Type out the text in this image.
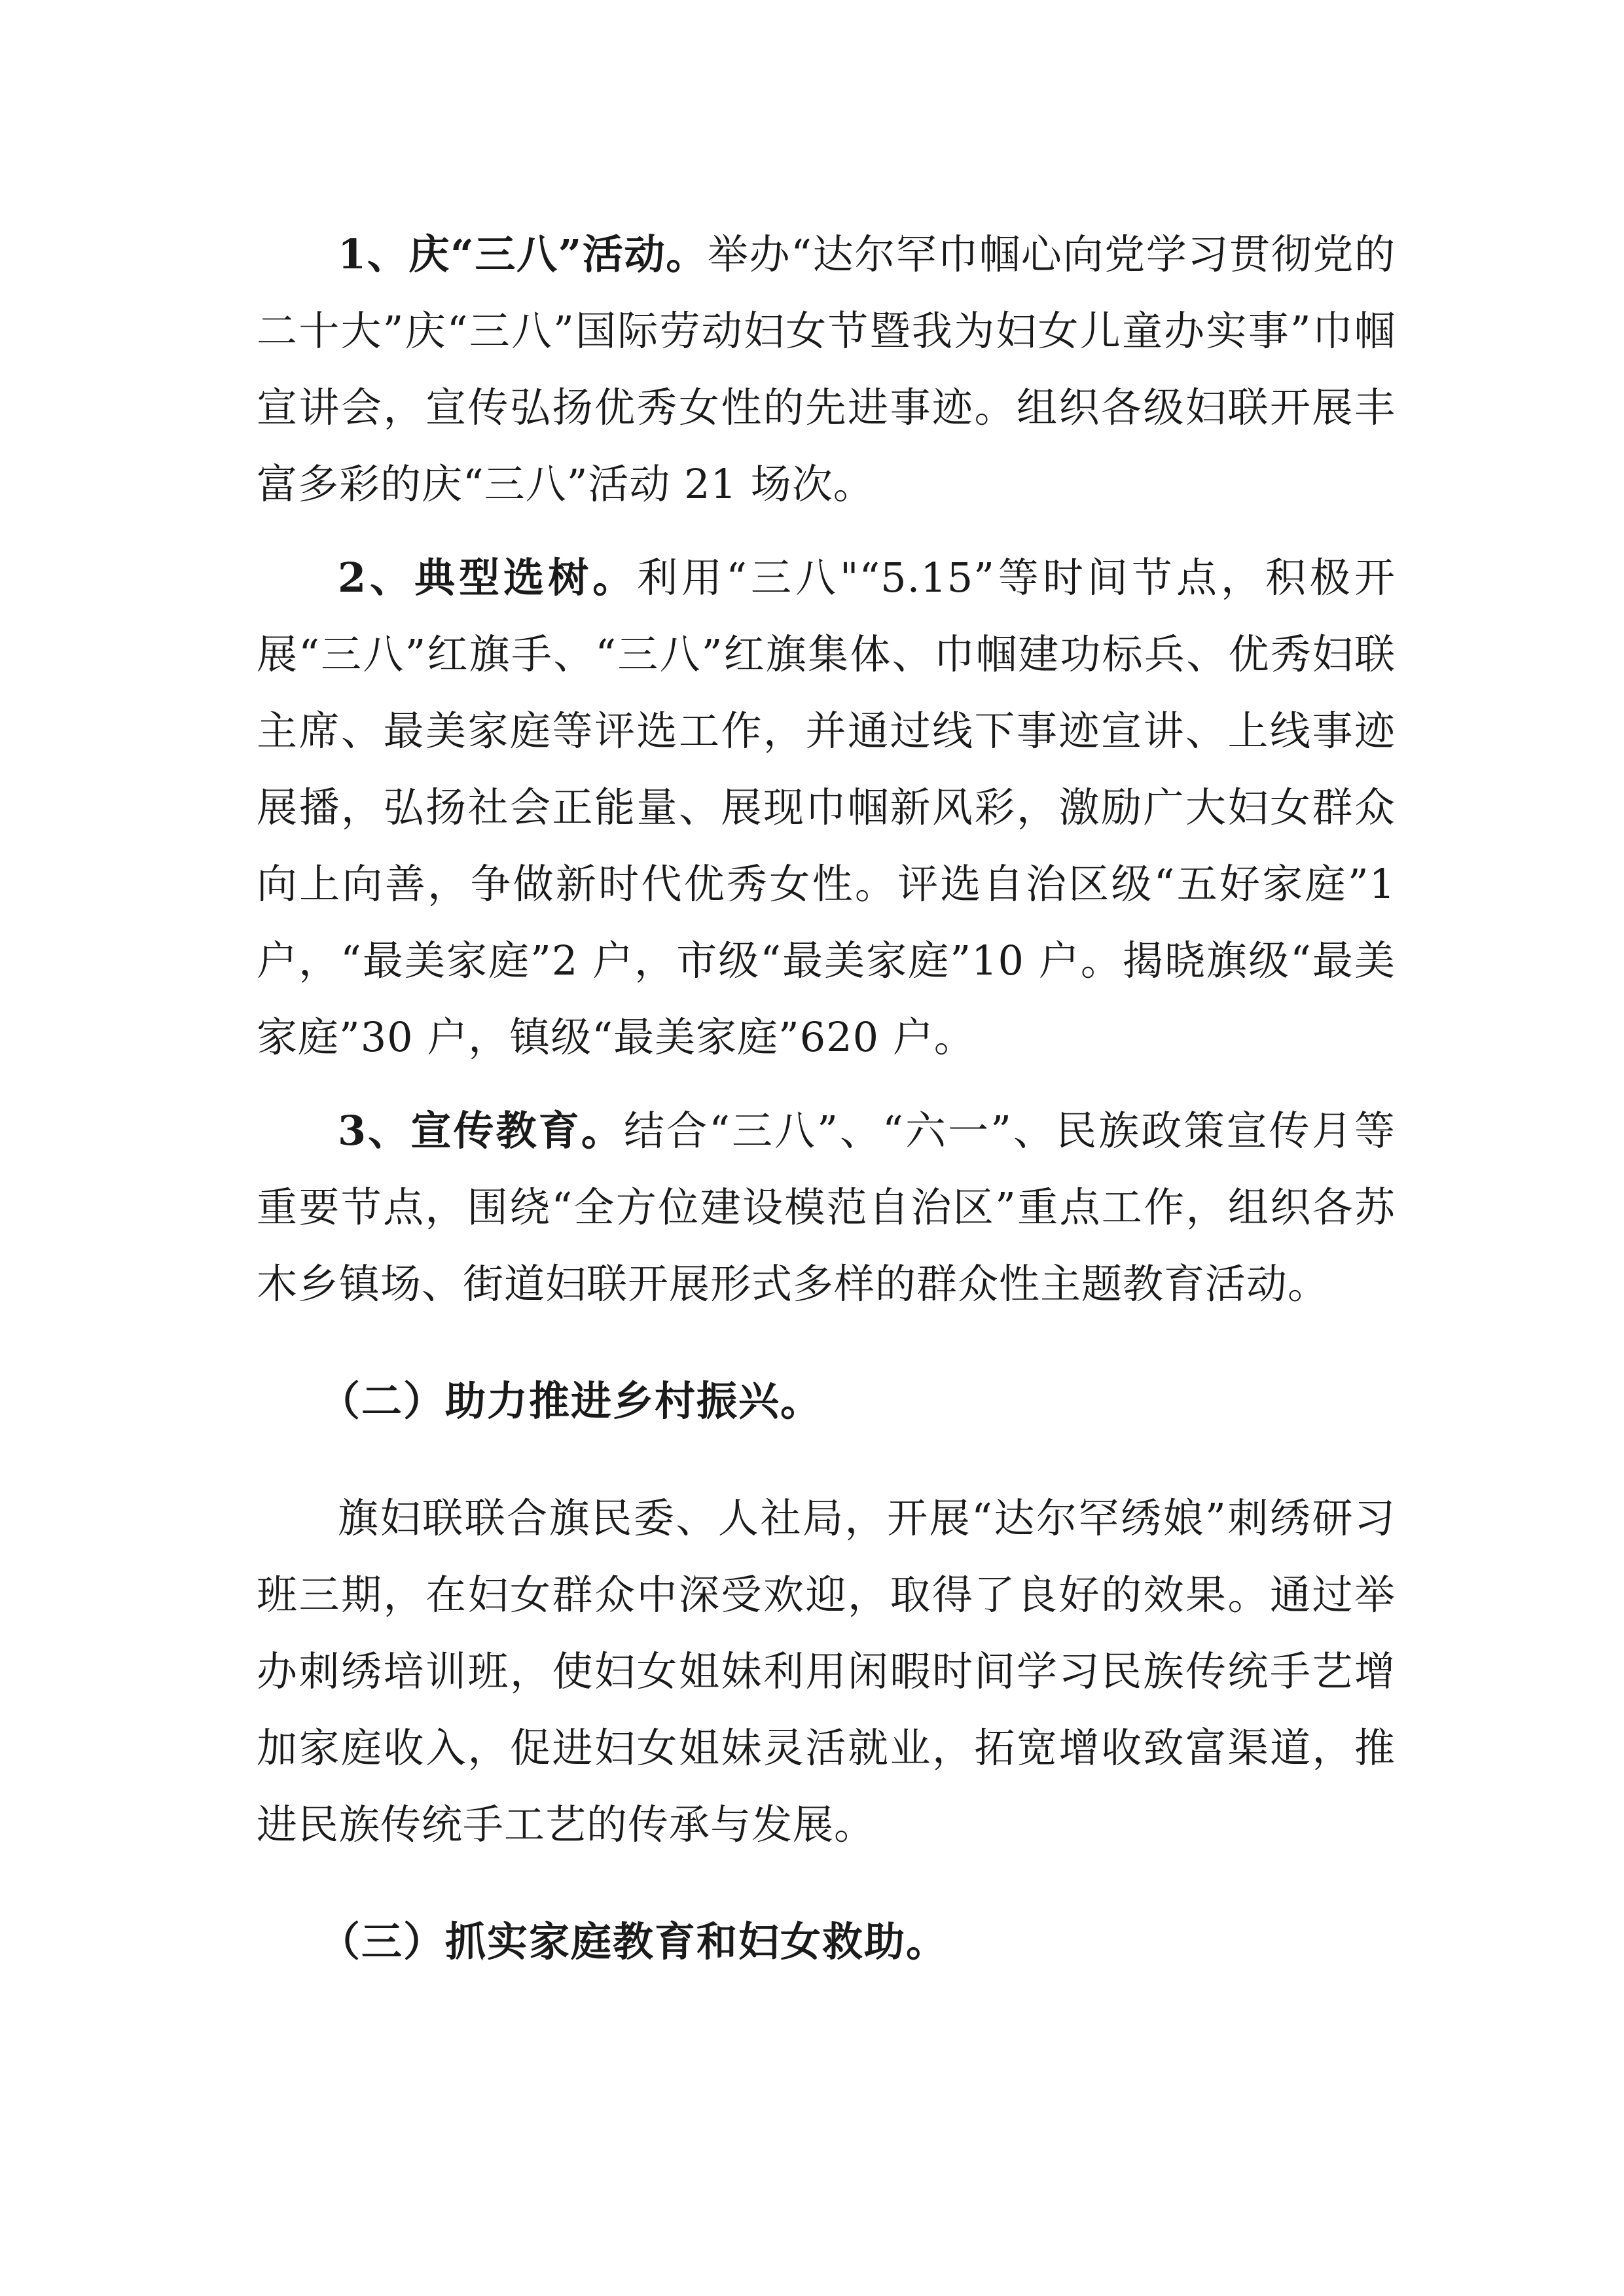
1、庆“三八”活动。举办“达尔罕巾帼心向党学习贯彻党的二十大”庆“三八”国际劳动妇女节暨我为妇女儿童办实事”巾帼宣讲会，宣传弘扬优秀女性的先进事迹。组织各级妇联开展丰富多彩的庆“三八”活动 21 场次。

2、典型选树。利用“三八"“5.15”等时间节点，积极开展“三八”红旗手、“三八”红旗集体、巾帼建功标兵、优秀妇联主席、最美家庭等评选工作，并通过线下事迹宣讲、上线事迹展播，弘扬社会正能量、展现巾帼新风彩，激励广大妇女群众向上向善，争做新时代优秀女性。评选自治区级“五好家庭”1 户，“最美家庭”2 户，市级“最美家庭”10 户。揭晓旗级“最美家庭”30 户，镇级“最美家庭”620 户。

3、宣传教育。结合“三八”、“六一”、民族政策宣传月等重要节点，围绕“全方位建设模范自治区”重点工作，组织各苏木乡镇场、街道妇联开展形式多样的群众性主题教育活动。

（二）助力推进乡村振兴。

旗妇联联合旗民委、人社局，开展“达尔罕绣娘”刺绣研习班三期，在妇女群众中深受欢迎，取得了良好的效果。通过举办刺绣培训班，使妇女姐妹利用闲暇时间学习民族传统手艺增加家庭收入，促进妇女姐妹灵活就业，拓宽增收致富渠道，推进民族传统手工艺的传承与发展。

（三）抓实家庭教育和妇女救助。
